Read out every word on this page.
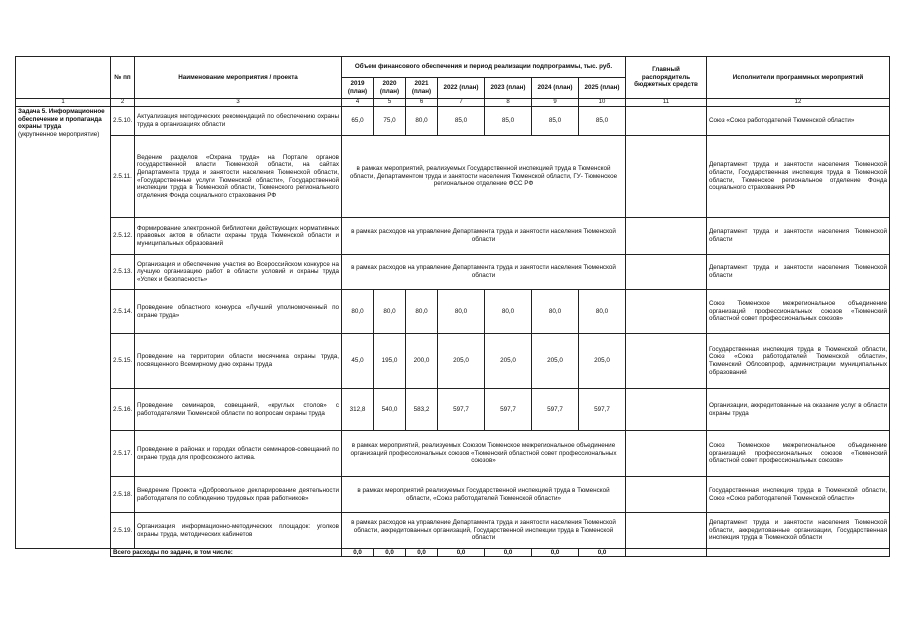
	№ пп	Наименование мероприятия / проекта	Объем финансового обеспечения и период реализации подпрограммы, тыс. руб.							Главный распорядитель бюджетных средств	Исполнители программных мероприятий
			2019 (план)	2020 (план)	2021 (план)	2022 (план)	2023 (план)	2024 (план)	2025 (план)		
1	2	3	4	5	6	7	8	9	10	11	12
Задача 5. Информационное обеспечение и пропаганда охраны труда
(укрупненное мероприятие)	2.5.10.	Актуализация методических рекомендаций по обеспечению охраны труда в организациях области	65,0	75,0	80,0	85,0	85,0	85,0	85,0		Союз «Союз работодателей Тюменской области»
	2.5.11.	Ведение разделов «Охрана труда» на Портале органов государственной власти Тюменской области, на сайтах Департамента труда и занятости населения Тюменской области, «Государственные услуги Тюменской области», Государственной инспекции труда в Тюменской области, Тюменского регионального отделения Фонда социального страхования РФ	в рамках мероприятий, реализуемых Государственной инспекцией труда в Тюменской области, Департаментом труда и занятости населения Тюменской области, ГУ- Тюменское региональное отделение ФСС РФ								Департамент труда и занятости населения Тюменской области, Государственная инспекция труда в Тюменской области, Тюменское региональное отделение Фонда социального страхования РФ
	2.5.12.	Формирование электронной библиотеки действующих нормативных правовых актов в области охраны труда Тюменской области и муниципальных образований	в рамках расходов на управление Департамента труда и занятости населения Тюменской области								Департамент труда и занятости населения Тюменской области
	2.5.13.	Организация и обеспечение участия во Всероссийском конкурсе на лучшую организацию работ в области условий и охраны труда «Успех и безопасность»	в рамках расходов на управление Департамента труда и занятости населения Тюменской области								Департамент труда и занятости населения Тюменской области
	2.5.14.	Проведение областного конкурса «Лучший уполномоченный по охране труда»	80,0	80,0	80,0	80,0	80,0	80,0	80,0		Союз Тюменское межрегиональное объединение организаций профессиональных союзов «Тюменский областной совет профессиональных союзов»
	2.5.15.	Проведение на территории области месячника охраны труда, посвященного Всемирному дню охраны труда	45,0	195,0	200,0	205,0	205,0	205,0	205,0		Государственная инспекция труда в Тюменской области, Союз «Союз работодателей Тюменской области», Тюменский Облсовпроф, администрации муниципальных образований
	2.5.16.	Проведение семинаров, совещаний, «круглых столов» с работодателями Тюменской области по вопросам охраны труда	312,8	540,0	583,2	597,7	597,7	597,7	597,7		Организации, аккредитованные на оказание услуг в области охраны труда
	2.5.17.	Проведение в районах и городах области семинаров-совещаний по охране труда для профсоюзного актива.	в рамках мероприятий, реализуемых Союзом Тюменское межрегиональное объединение организаций профессиональных союзов «Тюменский областной совет профессиональных союзов»								Союз Тюменское межрегиональное объединение организаций профессиональных союзов «Тюменский областной совет профессиональных союзов»
	2.5.18.	Внедрение Проекта «Добровольное декларирование деятельности работодателя по соблюдению трудовых прав работников»	в рамках мероприятий реализуемых Государственной инспекцией труда в Тюменской области, «Союз работодателей Тюменской области»								Государственная инспекция труда в Тюменской области, Союз «Союз работодателей Тюменской области»
	2.5.19.	Организация информационно-методических площадок: уголков охраны труда, методических кабинетов	в рамках расходов на управление Департамента труда и занятости населения Тюменской области, аккредитованных организаций, Государственной инспекции труда в Тюменской области								Департамент труда и занятости населения Тюменской области, аккредитованные организации, Государственная инспекция труда в Тюменской области
	Всего расходы по задаче, в том числе:		0,0	0,0	0,0	0,0	0,0	0,0	0,0		
